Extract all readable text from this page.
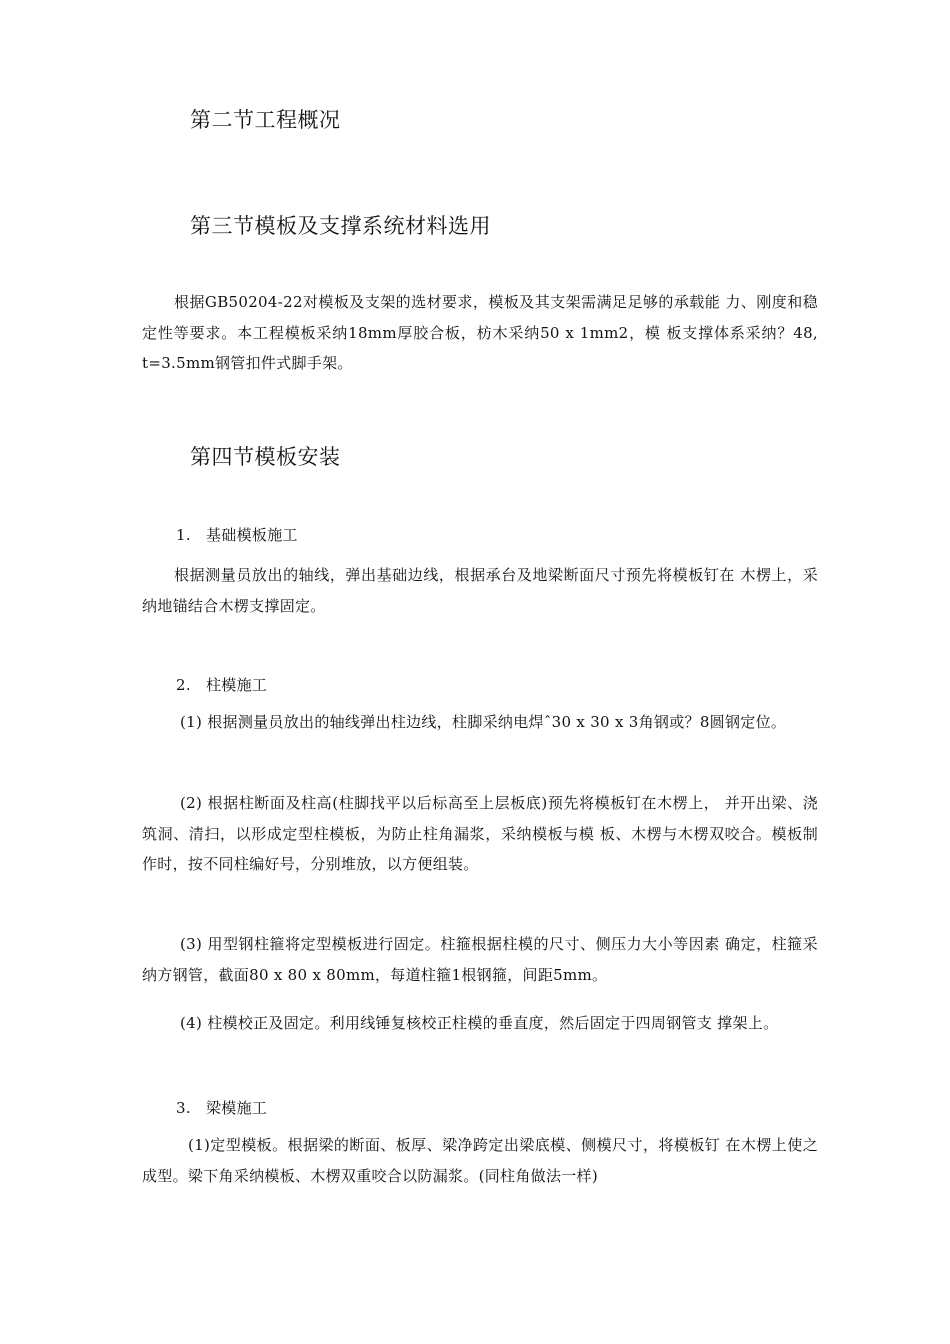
第二节工程概况
第三节模板及支撑系统材料选用
根据GB50204-22对模板及支架的选材要求，模板及其支架需满足足够的承载能 力、刚度和稳定性等要求。本工程模板采纳18mm厚胶合板，枋木采纳50 x 1mm2，模 板支撑体系采纳？48, t=3.5mm钢管扣件式脚手架。
第四节模板安装
1. 基础模板施工
根据测量员放出的轴线，弹出基础边线，根据承台及地梁断面尺寸预先将模板钉在 木楞上，采纳地锚结合木楞支撑固定。
2. 柱模施工
(1) 根据测量员放出的轴线弹出柱边线，柱脚采纳电焊ˆ30 x 30 x 3角钢或？8圆钢定位。
(2) 根据柱断面及柱高(柱脚找平以后标高至上层板底)预先将模板钉在木楞上， 并开出梁、浇筑洞、清扫，以形成定型柱模板，为防止柱角漏浆，采纳模板与模 板、木楞与木楞双咬合。模板制作时，按不同柱编好号，分别堆放，以方便组装。
(3) 用型钢柱箍将定型模板进行固定。柱箍根据柱模的尺寸、侧压力大小等因素 确定，柱箍采纳方钢管，截面80 x 80 x 80mm，每道柱箍1根钢箍，间距5mm。
(4) 柱模校正及固定。利用线锤复核校正柱模的垂直度，然后固定于四周钢管支 撑架上。
3. 梁模施工
(1)定型模板。根据梁的断面、板厚、梁净跨定出梁底模、侧模尺寸，将模板钉 在木楞上使之成型。梁下角采纳模板、木楞双重咬合以防漏浆。(同柱角做法一样)
